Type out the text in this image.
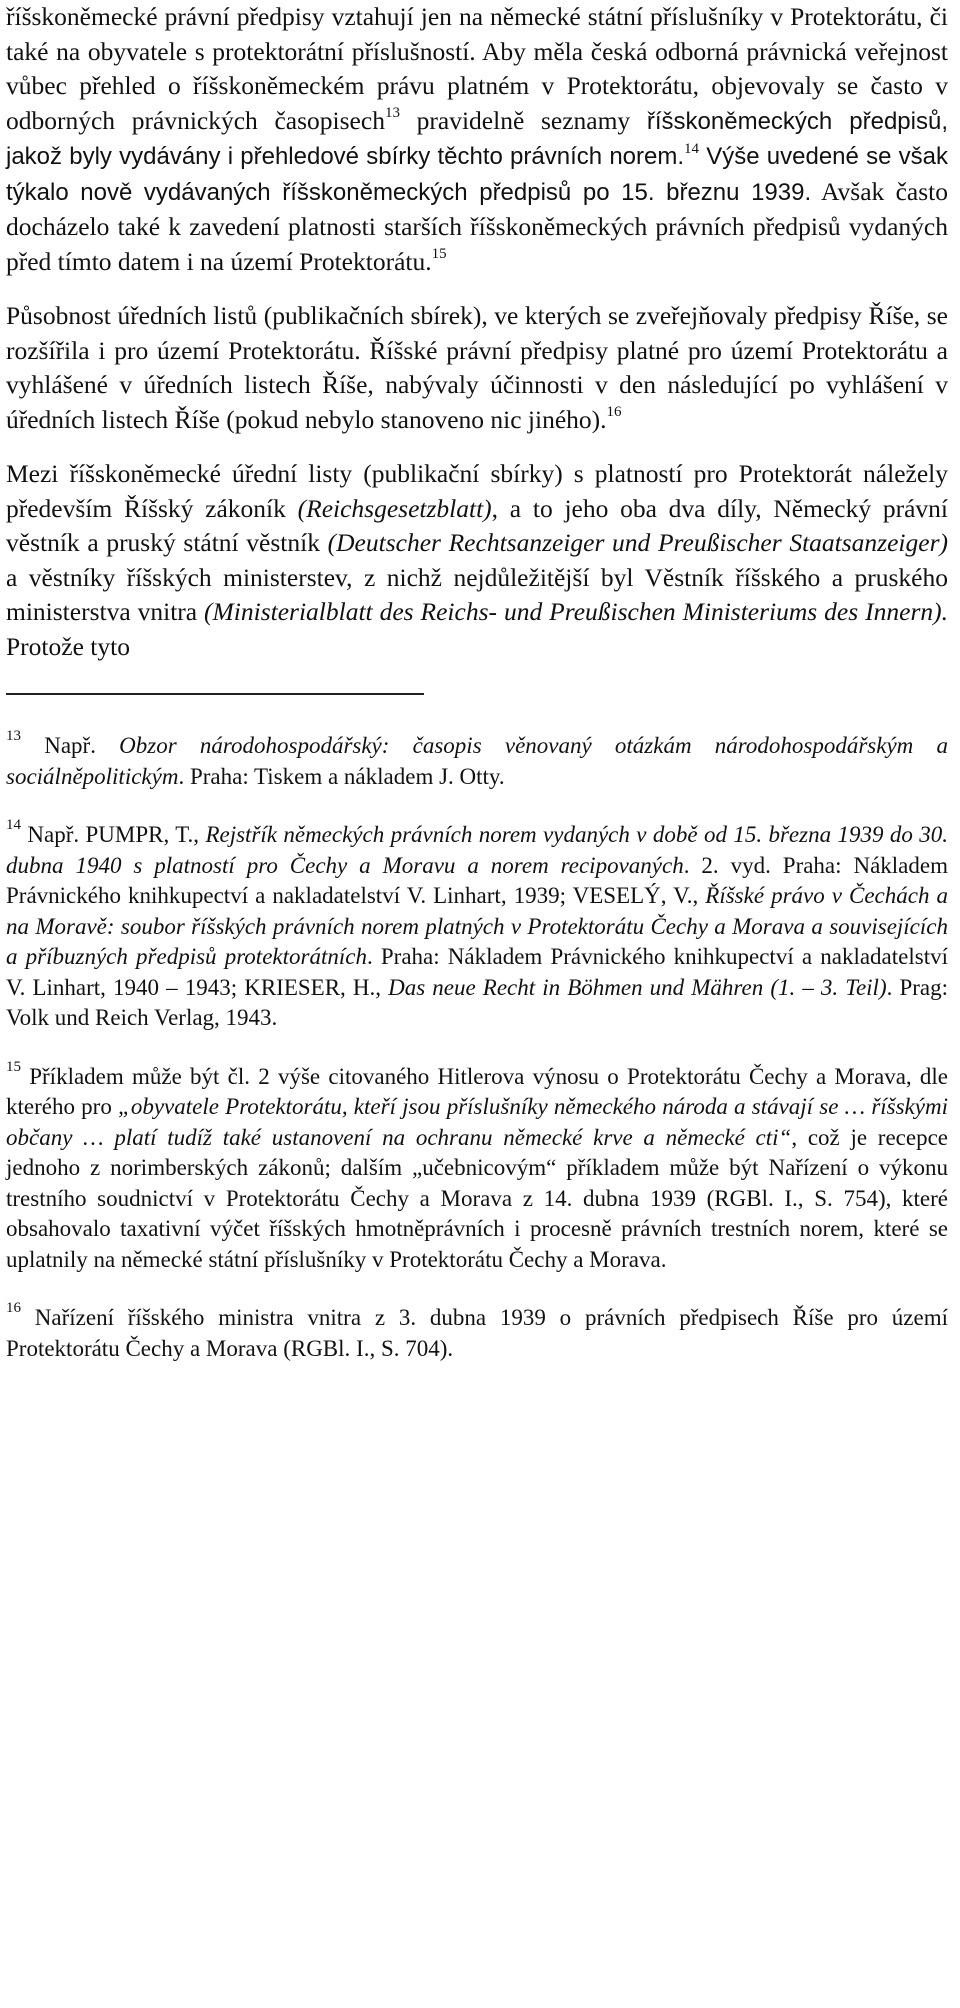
říšskoněmecké právní předpisy vztahují jen na německé státní příslušníky v Protektorátu, či také na obyvatele s protektorátní příslušností. Aby měla česká odborná právnická veřejnost vůbec přehled o říšskoněmeckém právu platném v Protektorátu, objevovaly se často v odborných právnických časopisech$^{13}$ pravidelně seznamy říšskoněmeckých předpisů, jakož byly vydávány i přehledové sbírky těchto právních norem.$^{14}$ Výše uvedené se však týkalo nově vydávaných říšskoněmeckých předpisů po 15. březnu 1939. Avšak často docházelo také k zavedení platnosti starších říšskoněmeckých právních předpisů vydaných před tímto datem i na území Protektorátu.$^{15}$

Působnost úředních listů (publikačních sbírek), ve kterých se zveřejňovaly předpisy Říše, se rozšířila i pro území Protektorátu. Říšské právní předpisy platné pro území Protektorátu a vyhlášené v úředních listech Říše, nabývaly účinnosti v den následující po vyhlášení v úředních listech Říše (pokud nebylo stanoveno nic jiného).$^{16}$

Mezi říšskoněmecké úřední listy (publikační sbírky) s platností pro Protektorát náležely především Říšský zákoník (Reichsgesetzblatt), a to jeho oba dva díly, Německý právní věstník a pruský státní věstník (Deutscher Rechtsanzeiger und Preußischer Staatsanzeiger) a věstníky říšských ministerstev, z nichž nejdůležitější byl Věstník říšského a pruského ministerstva vnitra (Ministerialblatt des Reichs- und Preußischen Ministeriums des Innern). Protože tyto

$^{13}$ Např. Obzor národohospodářský: časopis věnovaný otázkám národohospodářským a sociálněpolitickým. Praha: Tiskem a nákladem J. Otty.

$^{14}$ Např. PUMPR, T., Rejstřík německých právních norem vydaných v době od 15. března 1939 do 30. dubna 1940 s platností pro Čechy a Moravu a norem recipovaných. 2. vyd. Praha: Nákladem Právnického knihkupectví a nakladatelství V. Linhart, 1939; VESELÝ, V., Říšské právo v Čechách a na Moravě: soubor říšských právních norem platných v Protektorátu Čechy a Morava a souvisejících a příbuzných předpisů protektorátních. Praha: Nákladem Právnického knihkupectví a nakladatelství V. Linhart, 1940 – 1943; KRIESER, H., Das neue Recht in Böhmen und Mähren (1. – 3. Teil). Prag: Volk und Reich Verlag, 1943.

$^{15}$ Příkladem může být čl. 2 výše citovaného Hitlerova výnosu o Protektorátu Čechy a Morava, dle kterého pro „obyvatele Protektorátu, kteří jsou příslušníky německého národa a stávají se … říšskými občany … platí tudíž také ustanovení na ochranu německé krve a německé cti“, což je recepce jednoho z norimberských zákonů; dalším „učebnicovým“ příkladem může být Nařízení o výkonu trestního soudnictví v Protektorátu Čechy a Morava z 14. dubna 1939 (RGBl. I., S. 754), které obsahovalo taxativní výčet říšských hmotněprávních i procesně právních trestních norem, které se uplatnily na německé státní příslušníky v Protektorátu Čechy a Morava.

$^{16}$ Nařízení říšského ministra vnitra z 3. dubna 1939 o právních předpisech Říše pro území Protektorátu Čechy a Morava (RGBl. I., S. 704).
